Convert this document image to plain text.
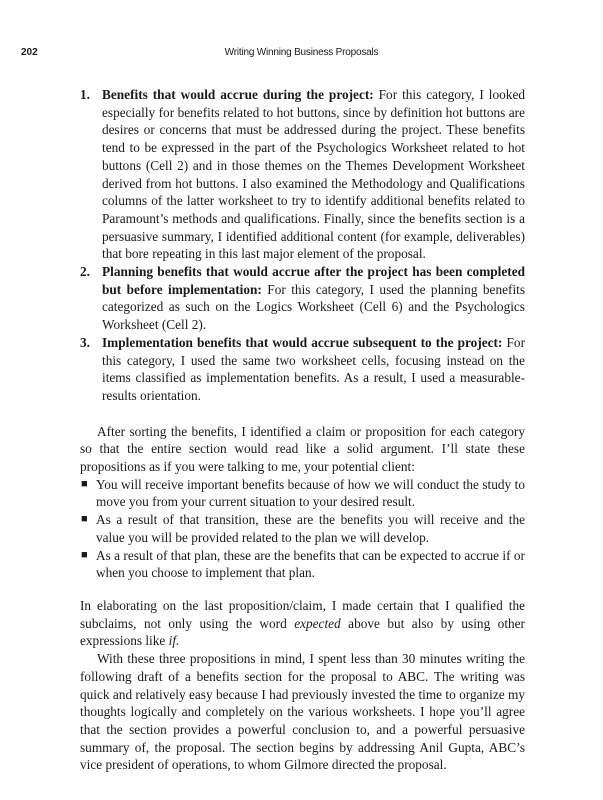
202	Writing Winning Business Proposals
1. Benefits that would accrue during the project: For this category, I looked especially for benefits related to hot buttons, since by definition hot buttons are desires or concerns that must be addressed during the project. These benefits tend to be expressed in the part of the Psychologics Worksheet related to hot buttons (Cell 2) and in those themes on the Themes Development Worksheet derived from hot buttons. I also examined the Methodology and Qualifications columns of the latter worksheet to try to identify additional benefits related to Paramount’s methods and qualifications. Finally, since the benefits section is a persuasive summary, I identified additional content (for example, deliverables) that bore repeating in this last major element of the proposal.
2. Planning benefits that would accrue after the project has been completed but before implementation: For this category, I used the planning benefits categorized as such on the Logics Worksheet (Cell 6) and the Psychologics Worksheet (Cell 2).
3. Implementation benefits that would accrue subsequent to the project: For this category, I used the same two worksheet cells, focusing instead on the items classified as implementation benefits. As a result, I used a measurable-results orientation.

After sorting the benefits, I identified a claim or proposition for each category so that the entire section would read like a solid argument. I’ll state these propositions as if you were talking to me, your potential client:

■ You will receive important benefits because of how we will conduct the study to move you from your current situation to your desired result.
■ As a result of that transition, these are the benefits you will receive and the value you will be provided related to the plan we will develop.
■ As a result of that plan, these are the benefits that can be expected to accrue if or when you choose to implement that plan.

In elaborating on the last proposition/claim, I made certain that I qualified the subclaims, not only using the word expected above but also by using other expressions like if.

With these three propositions in mind, I spent less than 30 minutes writing the following draft of a benefits section for the proposal to ABC. The writing was quick and relatively easy because I had previously invested the time to organize my thoughts logically and completely on the various worksheets. I hope you’ll agree that the section provides a powerful conclusion to, and a powerful persuasive summary of, the proposal. The section begins by addressing Anil Gupta, ABC’s vice president of operations, to whom Gilmore directed the proposal.
